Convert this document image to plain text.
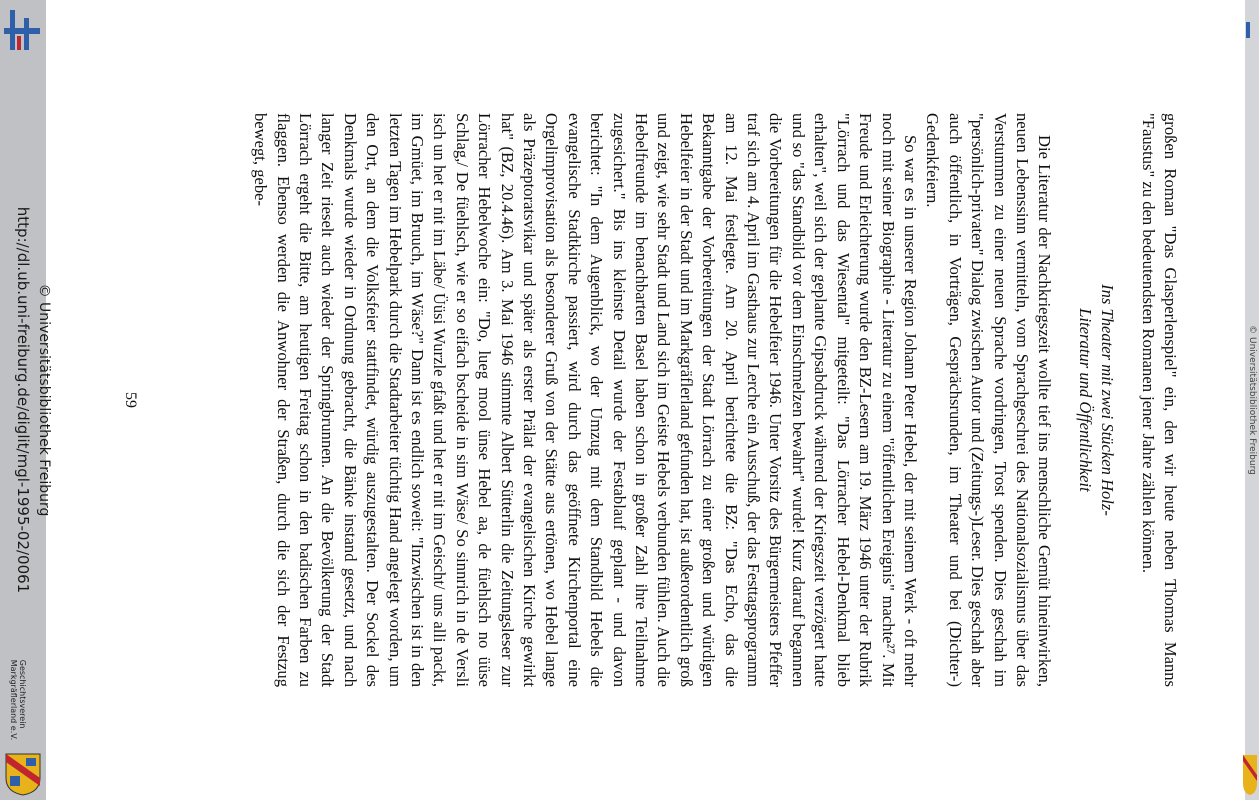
http://dl.ub.uni-freiburg.de/diglit/mgl-1995-02/0061 © Universitätsbibliothek Freiburg
Geschichtsverein
Markgräflerland e.V.
© Universitätsbibliothek Freiburg

großen Roman "Das Glasperlenspiel" ein, den wir heute neben Thomas Manns "Faustus" zu den bedeutendsten Romanen jener Jahre zählen können.

Ins Theater mit zwei Stücken Holz-
Literatur und Öffentlichkeit

Die Literatur der Nachkriegszeit wollte tief ins menschliche Gemüt hineinwirken, neuen Lebenssinn vermitteln, vom Sprachgeschrei des Nationalsozialismus über das Verstummen zu einer neuen Sprache vordringen, Trost spenden. Dies geschah im "persönlich-privaten" Dialog zwischen Autor und (Zeitungs-)Leser. Dies geschah aber auch öffentlich, in Vorträgen, Gesprächsrunden, im Theater und bei (Dichter-) Gedenkfeiern.

So war es in unserer Region Johann Peter Hebel, der mit seinem Werk - oft mehr noch mit seiner Biographie - Literatur zu einem "öffentlichen Ereignis" machte²⁷. Mit Freude und Erleichterung wurde den BZ-Lesern am 19. März 1946 unter der Rubrik "Lörrach und das Wiesental" mitgeteilt: "Das Lörracher Hebel-Denkmal blieb erhalten", weil sich der geplante Gipsabdruck während der Kriegszeit verzögert hatte und so "das Standbild vor dem Einschmelzen bewahrt" wurde! Kurz darauf begannen die Vorbereitungen für die Hebelfeier 1946. Unter Vorsitz des Bürgermeisters Pfeffer traf sich am 4. April im Gasthaus zur Lerche ein Ausschuß, der das Festtagsprogramm am 12. Mai festlegte. Am 20. April berichtete die BZ: "Das Echo, das die Bekanntgabe der Vorbereitungen der Stadt Lörrach zu einer großen und würdigen Hebelfeier in der Stadt und im Markgräflerland gefunden hat, ist außerordentlich groß und zeigt, wie sehr Stadt und Land sich im Geiste Hebels verbunden fühlen. Auch die Hebelfreunde im benachbarten Basel haben schon in großer Zahl ihre Teilnahme zugesichert." Bis ins kleinste Detail wurde der Festablauf geplant - und davon berichtet: "In dem Augenblick, wo der Umzug mit dem Standbild Hebels die evangelische Stadtkirche passiert, wird durch das geöffnete Kirchenportal eine Orgelimprovisation als besonderer Gruß von der Stätte aus ertönen, wo Hebel lange als Präzeptoratsvikar und später als erster Prälat der evangelischen Kirche gewirkt hat" (BZ, 20.4.46). Am 3. Mai 1946 stimmte Albert Sütterlin die Zeitungsleser zur Lörracher Hebelwoche ein: "Do, lueg mool ünse Hebel aa, de füehlsch no üüse Schlag,/ De füehlsch, wie er so eifach bscheide in sim Wäse/ So sinnrich in de Versli isch un het er nit im Läbe/ Üüsi Wurzle gfaßt und het er nit im Geischt/ uns alli packt, im Gmüet, im Bruuch, im Wäse?" Dann ist es endlich soweit: "Inzwischen ist in den letzten Tagen im Hebelpark durch die Stadtarbeiter tüchtig Hand angelegt worden, um den Ort, an dem die Volksfeier stattfindet, würdig auszugestalten. Der Sockel des Denkmals wurde wieder in Ordnung gebracht, die Bänke instand gesetzt, und nach langer Zeit rieselt auch wieder der Springbrunnen. An die Bevölkerung der Stadt Lörrach ergeht die Bitte, am heutigen Freitag schon in den badischen Farben zu flaggen. Ebenso werden die Anwohner der Straßen, durch die sich der Festzug bewegt, gebe-

59
